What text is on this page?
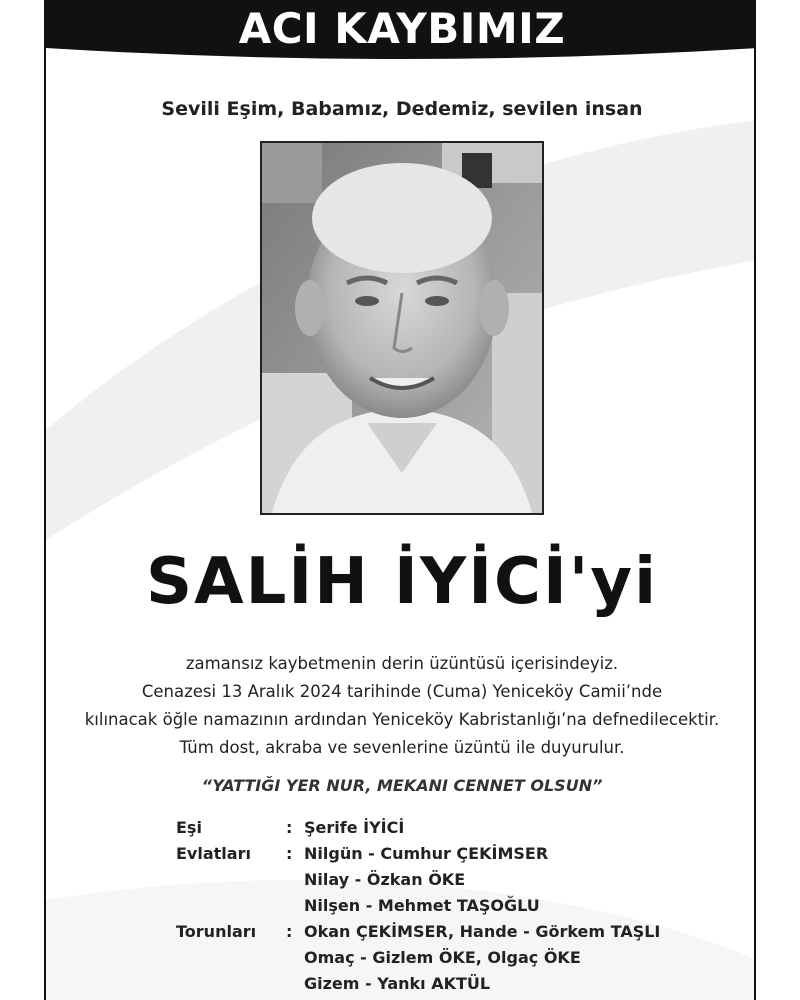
ACI KAYBIMIZ
Sevili Eşim, Babamız, Dedemiz, sevilen insan
SALİH İYİCİ'yi
zamansız kaybetmenin derin üzüntüsü içerisindeyiz.
Cenazesi 13 Aralık 2024 tarihinde (Cuma) Yeniceköy Camii’nde
kılınacak öğle namazının ardından Yeniceköy Kabristanlığı’na defnedilecektir.
Tüm dost, akraba ve sevenlerine üzüntü ile duyurulur.
“YATTIĞI YER NUR, MEKANI CENNET OLSUN”
Eşi	: Şerife İYİCİ
Evlatları : Nilgün - Cumhur ÇEKİMSER
Nilay - Özkan ÖKE
Nilşen - Mehmet TAŞOĞLU
Torunları : Okan ÇEKİMSER, Hande - Görkem TAŞLI
Omaç - Gizlem ÖKE, Olgaç ÖKE
Gizem - Yankı AKTÜL
